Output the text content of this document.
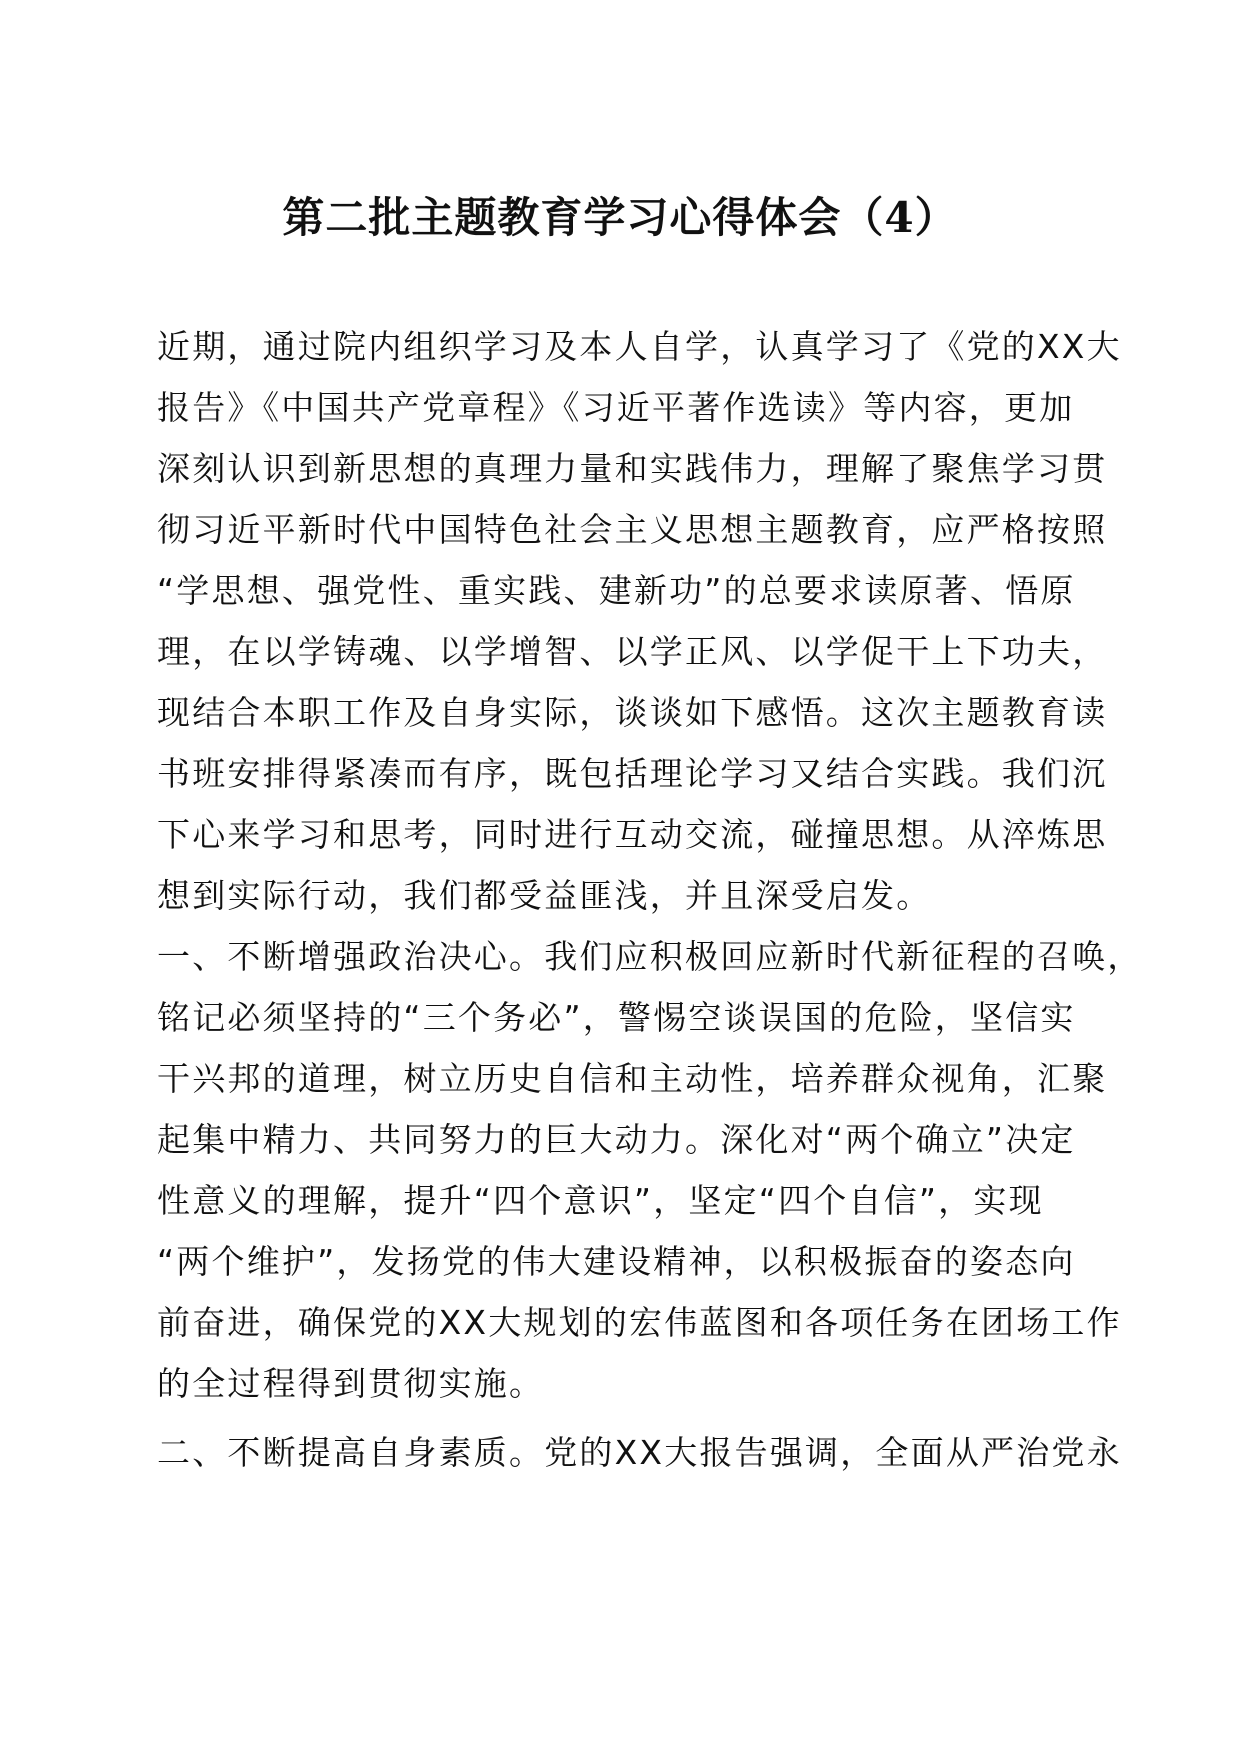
第二批主题教育学习心得体会（4）
近期，通过院内组织学习及本人自学，认真学习了《党的XX大
报告》《中国共产党章程》《习近平著作选读》等内容，更加
深刻认识到新思想的真理力量和实践伟力，理解了聚焦学习贯
彻习近平新时代中国特色社会主义思想主题教育，应严格按照
“学思想、强党性、重实践、建新功”的总要求读原著、悟原
理，在以学铸魂、以学增智、以学正风、以学促干上下功夫，
现结合本职工作及自身实际，谈谈如下感悟。这次主题教育读
书班安排得紧凑而有序，既包括理论学习又结合实践。我们沉
下心来学习和思考，同时进行互动交流，碰撞思想。从淬炼思
想到实际行动，我们都受益匪浅，并且深受启发。
一、不断增强政治决心。我们应积极回应新时代新征程的召唤，
铭记必须坚持的“三个务必”，警惕空谈误国的危险，坚信实
干兴邦的道理，树立历史自信和主动性，培养群众视角，汇聚
起集中精力、共同努力的巨大动力。深化对“两个确立”决定
性意义的理解，提升“四个意识”，坚定“四个自信”，实现
“两个维护”，发扬党的伟大建设精神，以积极振奋的姿态向
前奋进，确保党的XX大规划的宏伟蓝图和各项任务在团场工作
的全过程得到贯彻实施。
二、不断提高自身素质。党的XX大报告强调，全面从严治党永
